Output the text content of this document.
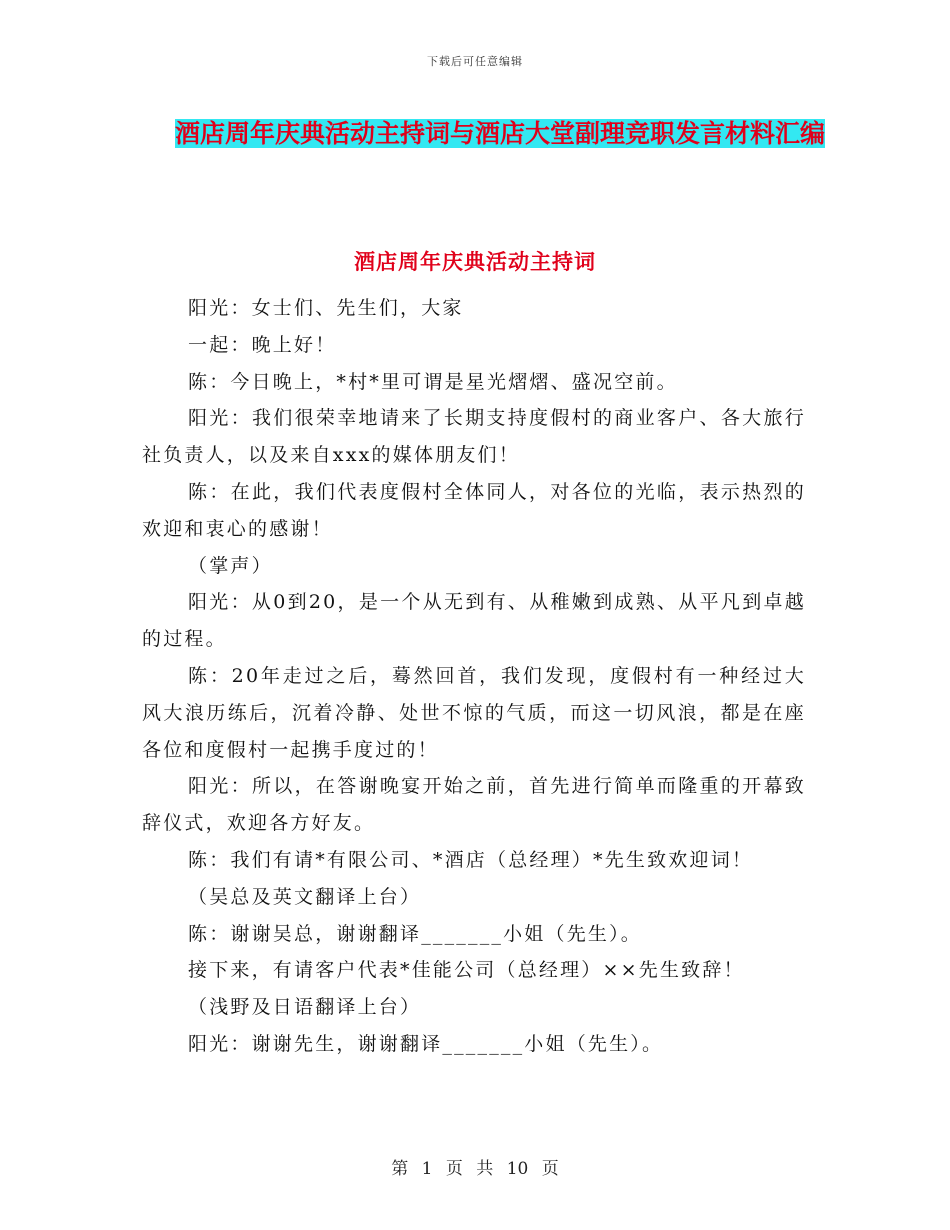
下载后可任意编辑
酒店周年庆典活动主持词与酒店大堂副理竞职发言材料汇编
酒店周年庆典活动主持词

阳光：女士们、先生们，大家

一起：晚上好！

陈：今日晚上，*村*里可谓是星光熠熠、盛况空前。

阳光：我们很荣幸地请来了长期支持度假村的商业客户、各大旅行社负责人，以及来自xxx的媒体朋友们！

陈：在此，我们代表度假村全体同人，对各位的光临，表示热烈的欢迎和衷心的感谢！

（掌声）

阳光：从0到20，是一个从无到有、从稚嫩到成熟、从平凡到卓越的过程。

陈：20年走过之后，蓦然回首，我们发现，度假村有一种经过大风大浪历练后，沉着冷静、处世不惊的气质，而这一切风浪，都是在座各位和度假村一起携手度过的！

阳光：所以，在答谢晚宴开始之前，首先进行简单而隆重的开幕致辞仪式，欢迎各方好友。

陈：我们有请*有限公司、*酒店（总经理）*先生致欢迎词！

（吴总及英文翻译上台）

陈：谢谢吴总，谢谢翻译_______小姐（先生）。

接下来，有请客户代表*佳能公司（总经理）××先生致辞！

（浅野及日语翻译上台）

阳光：谢谢先生，谢谢翻译_______小姐（先生）。

第 1 页 共 10 页
